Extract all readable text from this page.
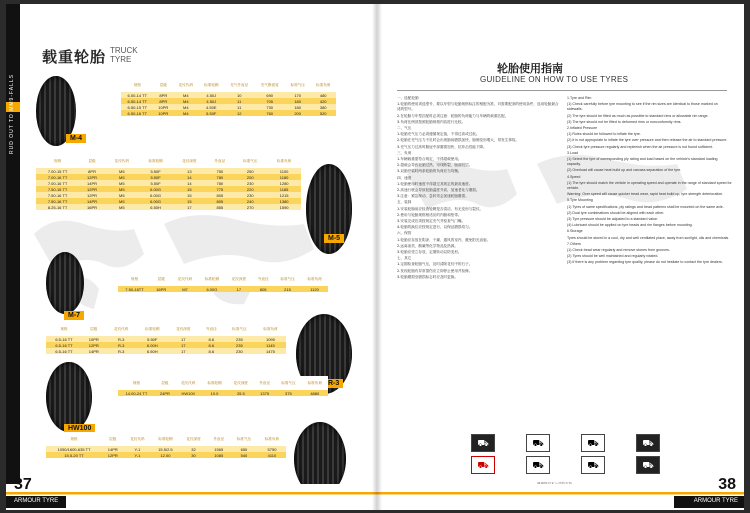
RUD OUT TO MM9-FALLS
载重轮胎 TRUCK
TYRE
M-4
M-5
M-7
R-3
HW100
规格	层级	花纹代码	标准轮辋	充气外直径	充气断面宽	标准气压	标准负荷
6.00-14 TT	8PR	M4	4.50J	10	690	170	480
6.50-14 TT	8PR	M4	4.50J	11	705	180	420
6.50-15 TT	10PR	M4	4.50E	11	730	180	380
6.50-16 TT	10PR	M4	5.50F	12	760	200	520
规格	层级	花纹代码	标准轮辋	花纹深度	外直径	标准气压	标准负荷
7.00-15 TT	8PR	M5	5.50F	13	750	250	1100
7.00-16 TT	12PR	M5	5.50F	14	780	200	1180
7.00-16 TT	14PR	M5	5.50F	14	780	230	1280
7.50-15 TT	12PR	M5	6.00G	15	775	220	1185
7.50-16 TT	12PR	M5	6.00G	15	805	230	1215
7.50-16 TT	14PR	M5	6.00G	15	805	240	1380
8.25-16 TT	16PR	M5	6.50H	17	855	270	1590
规格	层级	花纹代码	标准轮辋	花纹深度	外直径	标准气压	标准负荷
7.50-16TT	16PR	M7	6.00G	17	805	215	1120
规格	层级	花纹代码	标准轮辋	花纹深度	外直径	标准气压	标准负荷
6.5-16 TT	10PR	R-3	5.50F	17	8.6	235	1095
6.5-16 TT	12PR	R-3	6.00H	17	8.6	235	1145
6.5-16 TT	14PR	R-3	6.50H	17	8.6	230	1475
规格	层级	花纹代码	标准轮辋	花纹深度	外直径	标准气压	标准负荷
14.00-24 TT	24PR	HW100	10.0	25.5	1375	375	4880
规格	层级	花纹代码	标准轮辋	花纹深度	外直径	标准气压	标准负荷
1050/1600-635 TT	14PR	Y-1	15.5/2.5	32	1565	650	5750
15.5-20 TT	12PR	Y-1	12.00	30	1085	540	4110
37
ARMOUR TYRE
轮胎使用指南
GUIDELINE ON HOW TO USE TYRES

一、选配轮胎

1.轮胎的使用须选型号，要以车型与轮胎规格标注的相配为准，对需要配套的使用条件，选用轮胎最合适的型号。

2.在轮胎与车型匹配时必须注意：轮胎的负荷能力与车辆的载重匹配。

3.负荷比例须按照轮胎规格内容进行比较。

二、气压

1.轮胎充气压力必须遵循规定值，不得过高或过低。

2.轮胎在充气压力不足时会出现胎肩磨损加快，胎侧变形增大，易发生事故。

3.充气压力过高时胎冠中部磨损加快，抗冲击性能下降。

三、负荷

1.车辆载重需符合规定，不得超载使用。

2.超载会导致轮胎过热，帘线断裂，胎面脱层。

3.双胎并装时两条轮胎的负荷应当均衡。

四、速度

1.轮胎使用时速度不得超过其规定的最高速度。

2.高速行驶会导致轮胎温度升高，加速老化与磨损。

3.注意：紧急制动、急转弯会加速轮胎磨损。

五、装卸

1.安装轮胎前应检查轮辋是否清洁、有无变形与裂纹。

2.使用与轮胎规格相适应的内胎和垫带。

3.安装完成后须按规定充气并检查气门嘴。

4.轮胎的换位应按规定进行，以保证磨损均匀。

六、保管

1.轮胎应存放在阴凉、干燥、通风的室内，避免阳光直射。

2.远离油类、酸碱等化学物品及热源。

3.轮胎应竖立存放，定期转动以防变形。

七、其它

1.定期检查轮胎气压，及时清除花纹中的石子。

2.发现轮胎有异常损伤应立即停止使用并检修。

3.轮胎磨损至磨损标志时应及时更换。

1.Tyre and Rim

(1) Check carefully before tyre mounting to see if the rim sizes are identical to those marked on sidewalls.

(2) The tyre should be fitted as much as possible to standard rims or allowable rim range.

(3) The tyre should not be fitted to deformed rims or nonconformity rims.

2.Inflated Pressure

(1) Rules should be followed to inflate the tyre.

(2) It is not appropriate to inflate the tyre over pressure and then release the air to standard pressure.

(3) Check tyre pressure regularly and replenish when the air pressure is not found sufficient.

3.Load

(1) Select the tyre of corresponding ply rating and load based on the vehicle's standard loading capacity.

(2) Overload will cause heat build up and carcass separation of the tyre.

4.Speed

(1) The tyre should match the vehicle in operating speed and operate in the range of standard speed for vehicle.

Warning: Over speed will cause quicker tread wear, rapid heat build up, tyre strength deterioration.

5.Tyre Mounting

(1) Tyres of same specifications, ply ratings and tread patterns shall be mounted on the same axle.

(2) Dual tyre combinations should be aligned with each other.

(3) Tyre pressure should be adjusted to a standard value.

(4) Lubricant should be applied on tyre beads and rim flanges before mounting.

6.Storage

Tyres should be stored in a cool, dry and well ventilated place, away from sunlight, oils and chemicals.

7.Others

(1) Check tread wear regularly and remove stones from grooves.

(2) Tyres should be well maintained and regularly rotated.

(3) If there is any problem regarding tyre quality, please do not hesitate to contact the tyre dealers.

⛟	⛟	⛟	⛟
⛟	⛟	⛟	⛟
38
ARMOUR TYRE
